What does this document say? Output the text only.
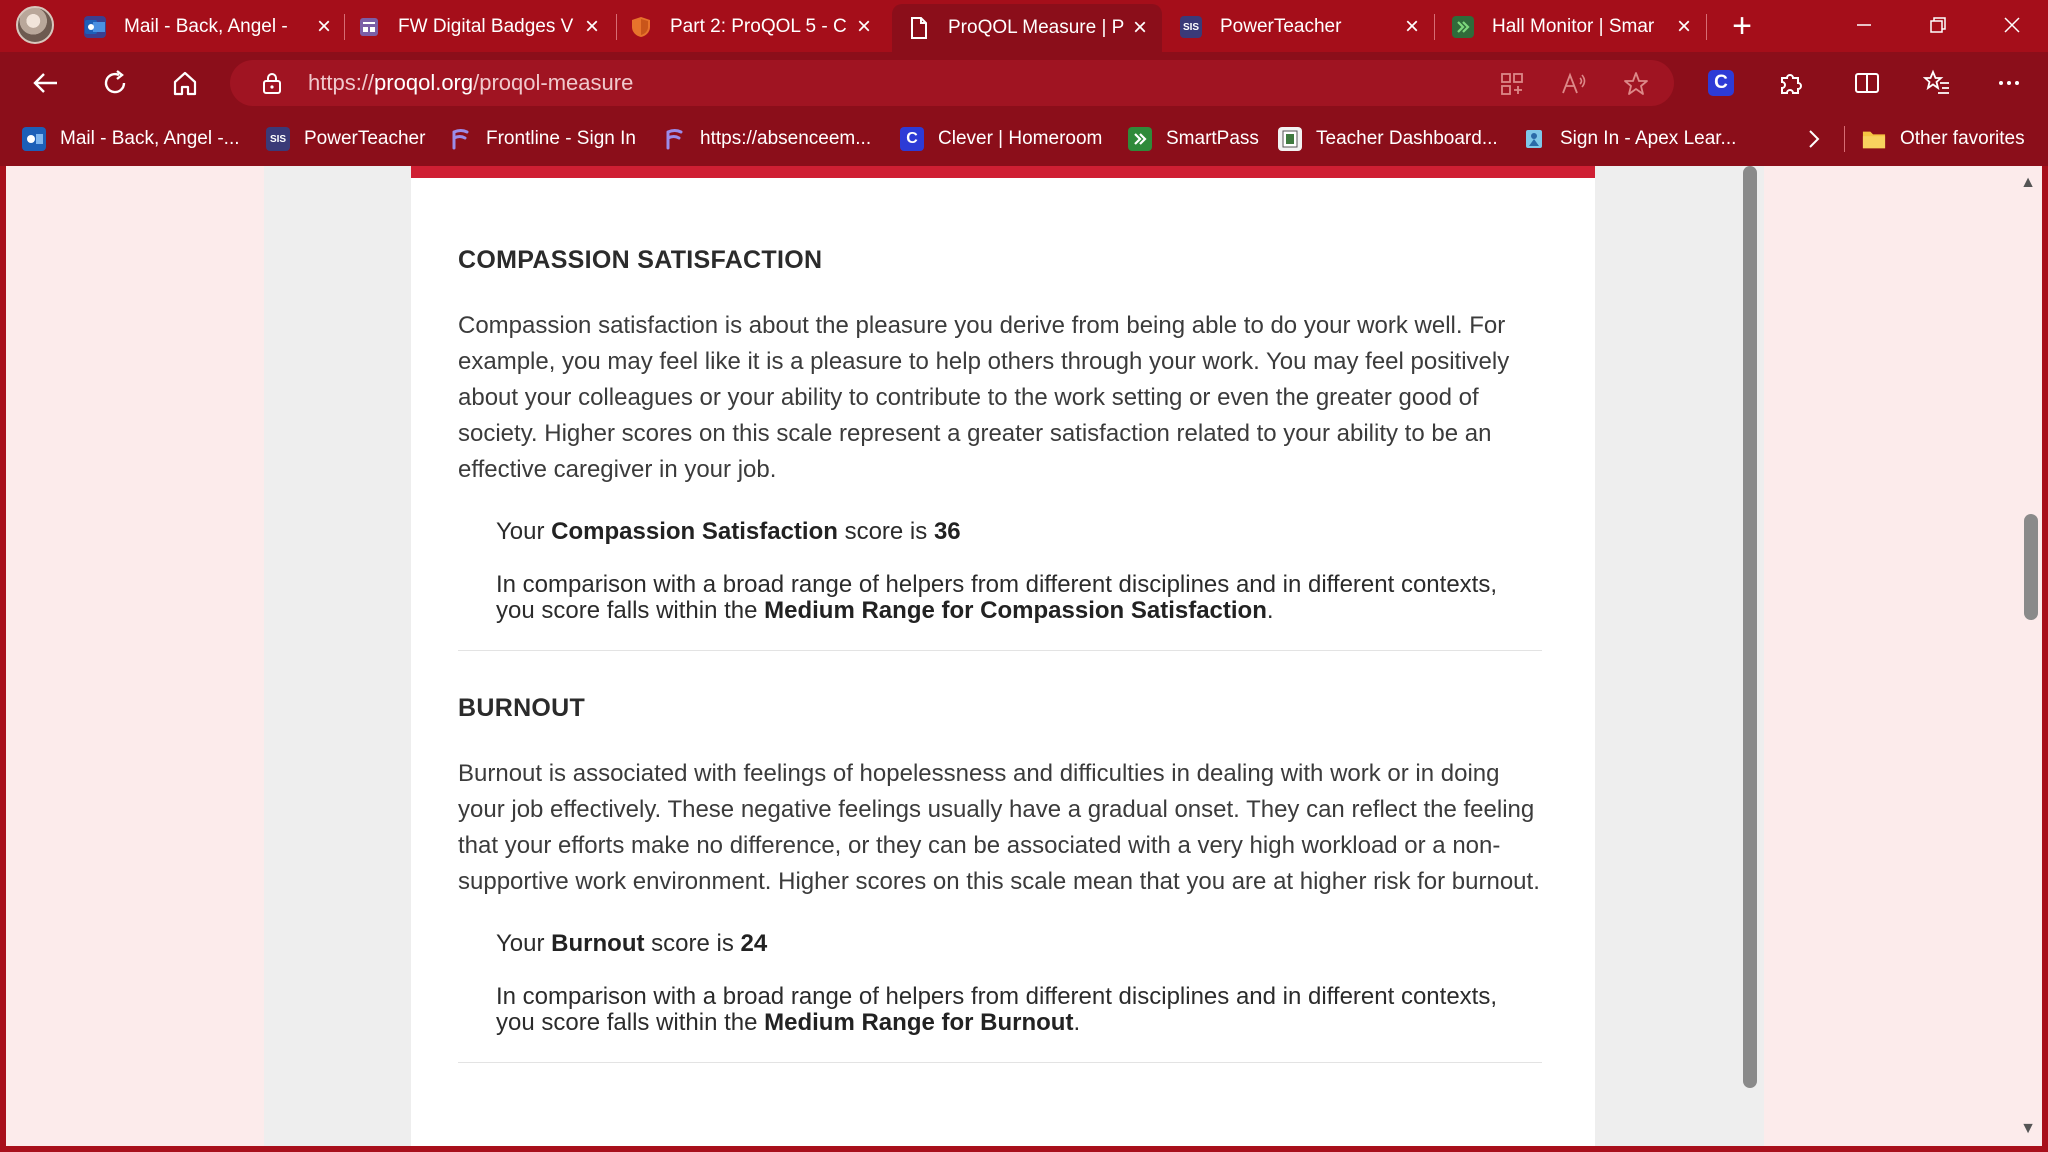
Mail - Back, Angel -	×	FW Digital Badges V ×	Part 2: ProQOL 5 - C ×	ProQOL Measure | P ×	SIS PowerTeacher	×	Hall Monitor | Smar × +
https://proqol.org/proqol-measure	C
Mail - Back, Angel -...	SIS PowerTeacher	Frontline - Sign In	https://absenceem...	C	Clever | Homeroom	SmartPass	Teacher Dashboard...	Sign In - Apex Lear...	Other favorites
COMPASSION SATISFACTION

Compassion satisfaction is about the pleasure you derive from being able to do your work well. For example, you may feel like it is a pleasure to help others through your work. You may feel positively about your colleagues or your ability to contribute to the work setting or even the greater good of society. Higher scores on this scale represent a greater satisfaction related to your ability to be an effective caregiver in your job.

Your Compassion Satisfaction score is 36
In comparison with a broad range of helpers from different disciplines and in different contexts, you score falls within the Medium Range for Compassion Satisfaction.
BURNOUT

Burnout is associated with feelings of hopelessness and difficulties in dealing with work or in doing your job effectively. These negative feelings usually have a gradual onset. They can reflect the feeling that your efforts make no difference, or they can be associated with a very high workload or a non-supportive work environment. Higher scores on this scale mean that you are at higher risk for burnout.

Your Burnout score is 24
In comparison with a broad range of helpers from different disciplines and in different contexts, you score falls within the Medium Range for Burnout.
▲
▼
